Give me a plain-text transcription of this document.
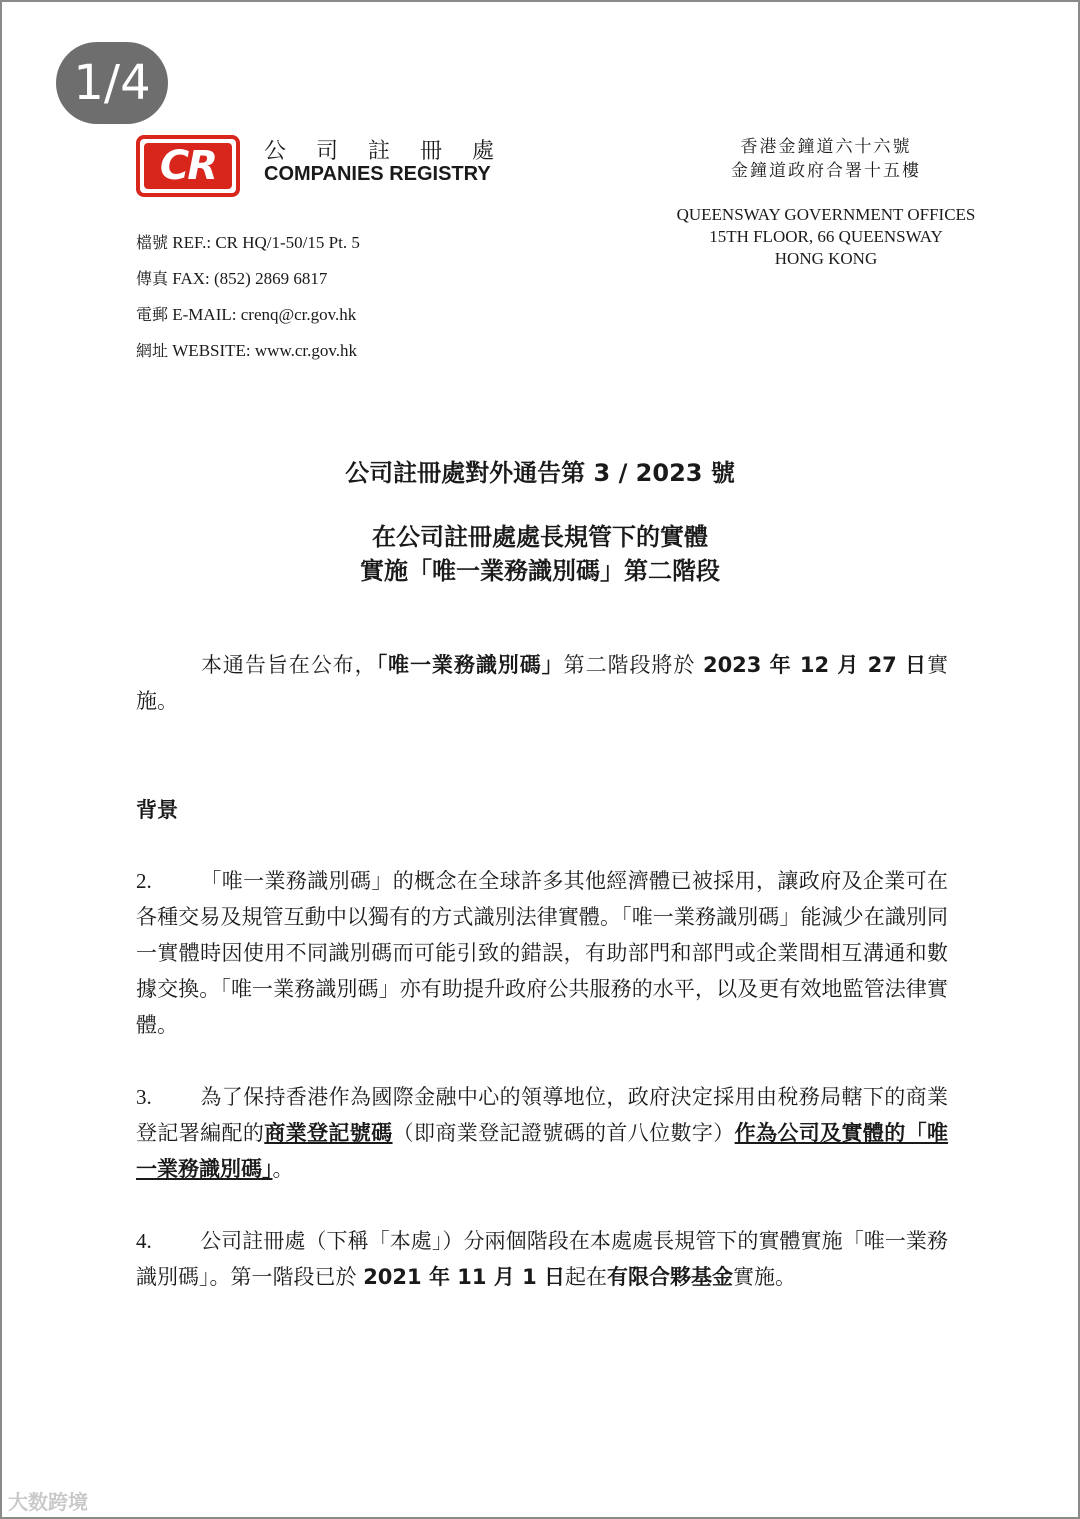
1/4
CR	公司註冊處
COMPANIES REGISTRY
香港金鐘道六十六號
金鐘道政府合署十五樓
QUEENSWAY GOVERNMENT OFFICES
15TH FLOOR, 66 QUEENSWAY
HONG KONG
檔號 REF.: CR HQ/1-50/15 Pt. 5
傳真 FAX: (852) 2869 6817
電郵 E-MAIL: crenq@cr.gov.hk
網址 WEBSITE: www.cr.gov.hk
公司註冊處對外通告第 3 / 2023 號
在公司註冊處處長規管下的實體
實施「唯一業務識別碼」第二階段
本通告旨在公布，「唯一業務識別碼」第二階段將於 2023 年 12 月 27 日實施。
背景
2. 「唯一業務識別碼」的概念在全球許多其他經濟體已被採用，讓政府及企業可在各種交易及規管互動中以獨有的方式識別法律實體。「唯一業務識別碼」能減少在識別同一實體時因使用不同識別碼而可能引致的錯誤，有助部門和部門或企業間相互溝通和數據交換。「唯一業務識別碼」亦有助提升政府公共服務的水平，以及更有效地監管法律實體。
3. 為了保持香港作為國際金融中心的領導地位，政府決定採用由稅務局轄下的商業登記署編配的商業登記號碼（即商業登記證號碼的首八位數字）作為公司及實體的「唯一業務識別碼」。
4. 公司註冊處（下稱「本處」）分兩個階段在本處處長規管下的實體實施「唯一業務識別碼」。第一階段已於 2021 年 11 月 1 日起在有限合夥基金實施。
大数跨境
